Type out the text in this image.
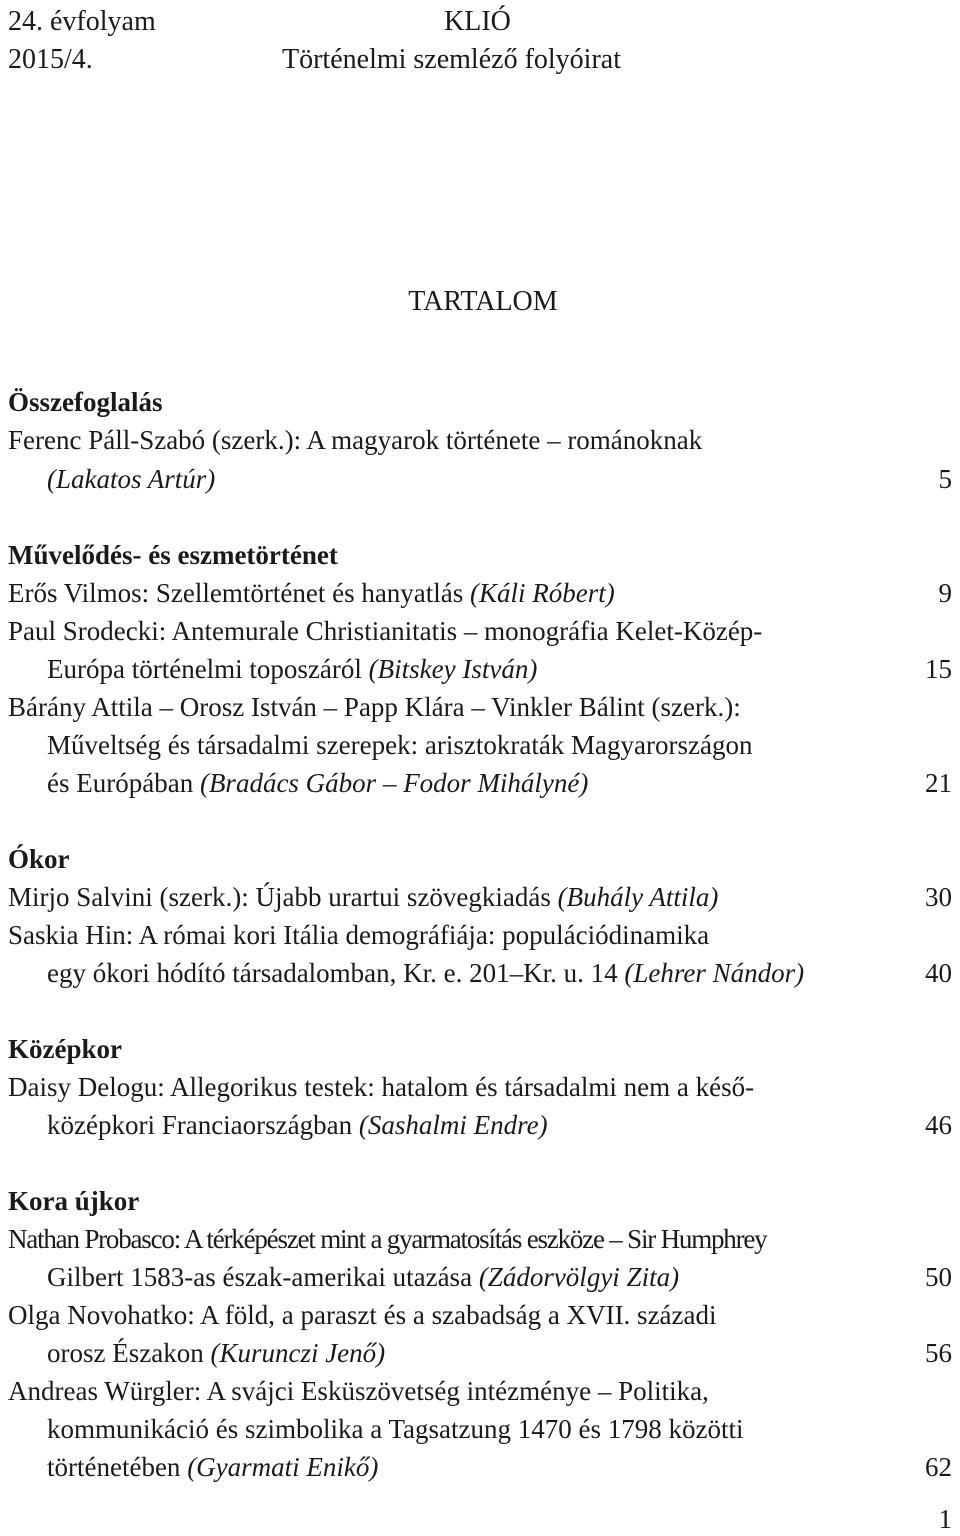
24. évfolyam
2015/4.
KLIÓ
Történelmi szemléző folyóirat
TARTALOM
Összefoglalás
Ferenc Páll-Szabó (szerk.): A magyarok története – románoknak
(Lakatos Artúr)	5
Művelődés- és eszmetörténet
Erős Vilmos: Szellemtörténet és hanyatlás (Káli Róbert)	9
Paul Srodecki: Antemurale Christianitatis – monográfia Kelet-Közép-
Európa történelmi toposzáról (Bitskey István)	15
Bárány Attila – Orosz István – Papp Klára – Vinkler Bálint (szerk.):
Műveltség és társadalmi szerepek: arisztokraták Magyarországon
és Európában (Bradács Gábor – Fodor Mihályné)	21
Ókor
Mirjo Salvini (szerk.): Újabb urartui szövegkiadás (Buhály Attila)	30
Saskia Hin: A római kori Itália demográfiája: populációdinamika
egy ókori hódító társadalomban, Kr. e. 201–Kr. u. 14 (Lehrer Nándor)	40
Középkor
Daisy Delogu: Allegorikus testek: hatalom és társadalmi nem a késő-
középkori Franciaországban (Sashalmi Endre)	46
Kora újkor
Nathan Probasco: A térképészet mint a gyarmatosítás eszköze – Sir Humphrey
Gilbert 1583-as észak-amerikai utazása (Zádorvölgyi Zita)	50
Olga Novohatko: A föld, a paraszt és a szabadság a XVII. századi
orosz Északon (Kurunczi Jenő)	56
Andreas Würgler: A svájci Esküszövetség intézménye – Politika,
kommunikáció és szimbolika a Tagsatzung 1470 és 1798 közötti
történetében (Gyarmati Enikő)	62
1
